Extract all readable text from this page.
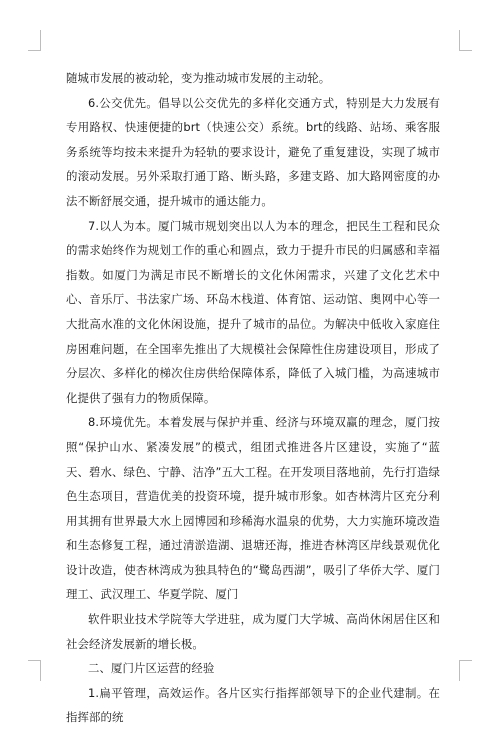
随城市发展的被动轮，变为推动城市发展的主动轮。

6.公交优先。倡导以公交优先的多样化交通方式，特别是大力发展有专用路权、快速便捷的brt（快速公交）系统。brt的线路、站场、乘客服务系统等均按未来提升为轻轨的要求设计，避免了重复建设，实现了城市的滚动发展。另外采取打通丁路、断头路，多建支路、加大路网密度的办法不断舒展交通，提升城市的通达能力。

7.以人为本。厦门城市规划突出以人为本的理念，把民生工程和民众的需求始终作为规划工作的重心和圆点，致力于提升市民的归属感和幸福指数。如厦门为满足市民不断增长的文化休闲需求，兴建了文化艺术中心、音乐厅、书法家广场、环岛木栈道、体育馆、运动馆、奥网中心等一大批高水准的文化休闲设施，提升了城市的品位。为解决中低收入家庭住房困难问题，在全国率先推出了大规模社会保障性住房建设项目，形成了分层次、多样化的梯次住房供给保障体系，降低了入城门槛，为高速城市化提供了强有力的物质保障。

8.环境优先。本着发展与保护并重、经济与环境双赢的理念，厦门按照“保护山水、紧凑发展”的模式，组团式推进各片区建设，实施了“蓝天、碧水、绿色、宁静、洁净”五大工程。在开发项目落地前，先行打造绿色生态项目，营造优美的投资环境，提升城市形象。如杏林湾片区充分利用其拥有世界最大水上园博园和珍稀海水温泉的优势，大力实施环境改造和生态修复工程，通过清淤造湖、退塘还海，推进杏林湾区岸线景观优化设计改造，使杏林湾成为独具特色的“鹭岛西湖”，吸引了华侨大学、厦门理工、武汉理工、华夏学院、厦门

软件职业技术学院等大学进驻，成为厦门大学城、高尚休闲居住区和社会经济发展新的增长极。

二、厦门片区运营的经验

1.扁平管理，高效运作。各片区实行指挥部领导下的企业代建制。在指挥部的统
